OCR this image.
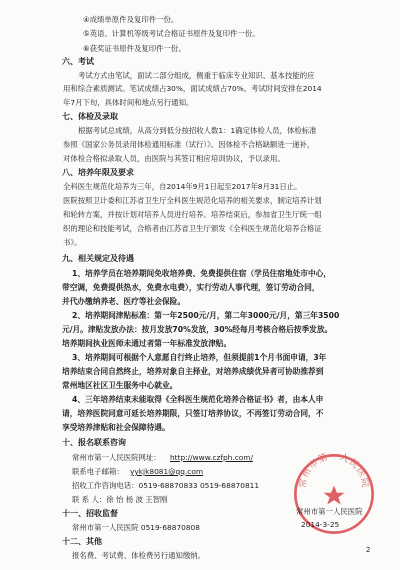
④成绩单原件及复印件一份。
⑤英语、计算机等级考试合格证书原件及复印件一份。
⑥获奖证书原件及复印件一份。
六、考试
考试方式由笔试，面试二部分组成，侧重于临床专业知识、基本技能的应
用和综合素质测试。笔试成绩占30%，面试成绩占70%。考试时间安排在2014
年7月下旬，具体时间和地点另行通知。
七、体检及录取
根据考试总成绩，从高分到低分按招收人数1：1确定体检人员，体检标准
参照《国家公务员录用体检通用标准（试行）》。因体检不合格缺额进一递补，
对体检合格拟录取人员，由医院与其签订相应培训协议，予以录用。
八、培养年限及要求
全科医生规范化培养为三年，自2014年9月1日起至2017年8月31日止。
医院按照卫计委和江苏省卫生厅全科医生规范化培养的相关要求，制定培养计划
和轮转方案，并按计划对培养人员进行培养。培养结束后，参加省卫生厅统一组
织的理论和技能考试，合格者由江苏省卫生厅颁发《全科医生规范化培养合格证
书》。
九、相关规定及待遇
1、培养学员在培养期间免收培养费、免费提供住宿（学员住宿地处市中心，
带空调，免费提供热水，免费水电费），实行劳动人事代理，签订劳动合同，
并代办缴纳养老、医疗等社会保险。
2、培养期间津贴标准：第一年2500元/月，第二年3000元/月，第三年3500
元/月。津贴发放办法：按月发放70%发放，30%经每月考核合格后按季发放。
培养期间执业医师未通过者第一年标准发放津贴。
3、培养期间可根据个人意愿自行终止培养，但须提前1个月书面申请，3年
培养结束合同自然终止，培养对象自主择业，对培养成绩优异者可协助推荐到
常州地区社区卫生服务中心就业。
4、三年培养结束未能取得《全科医生规范化培养合格证书》者，由本人申
请，培养医院同意可延长培养期限，只签订培养协议，不再签订劳动合同，不
享受培养津贴和社会保障待遇。
十、报名联系咨询
常州市第一人民医院网址： http://www.czfph.com/
联系电子邮箱： yykjk8081@qq.com
招收工作咨询电话：0519-68870833 0519-68870811
联 系 人：徐 怡 杨 波 王智刚
十一、招收监督
常州市第一人民医院 0519-68870808
十二、其他
报名费、考试费、体检费另行通知缴纳。
常州市第一人民医院
常州市第一人民医院
2014-3-25
2
